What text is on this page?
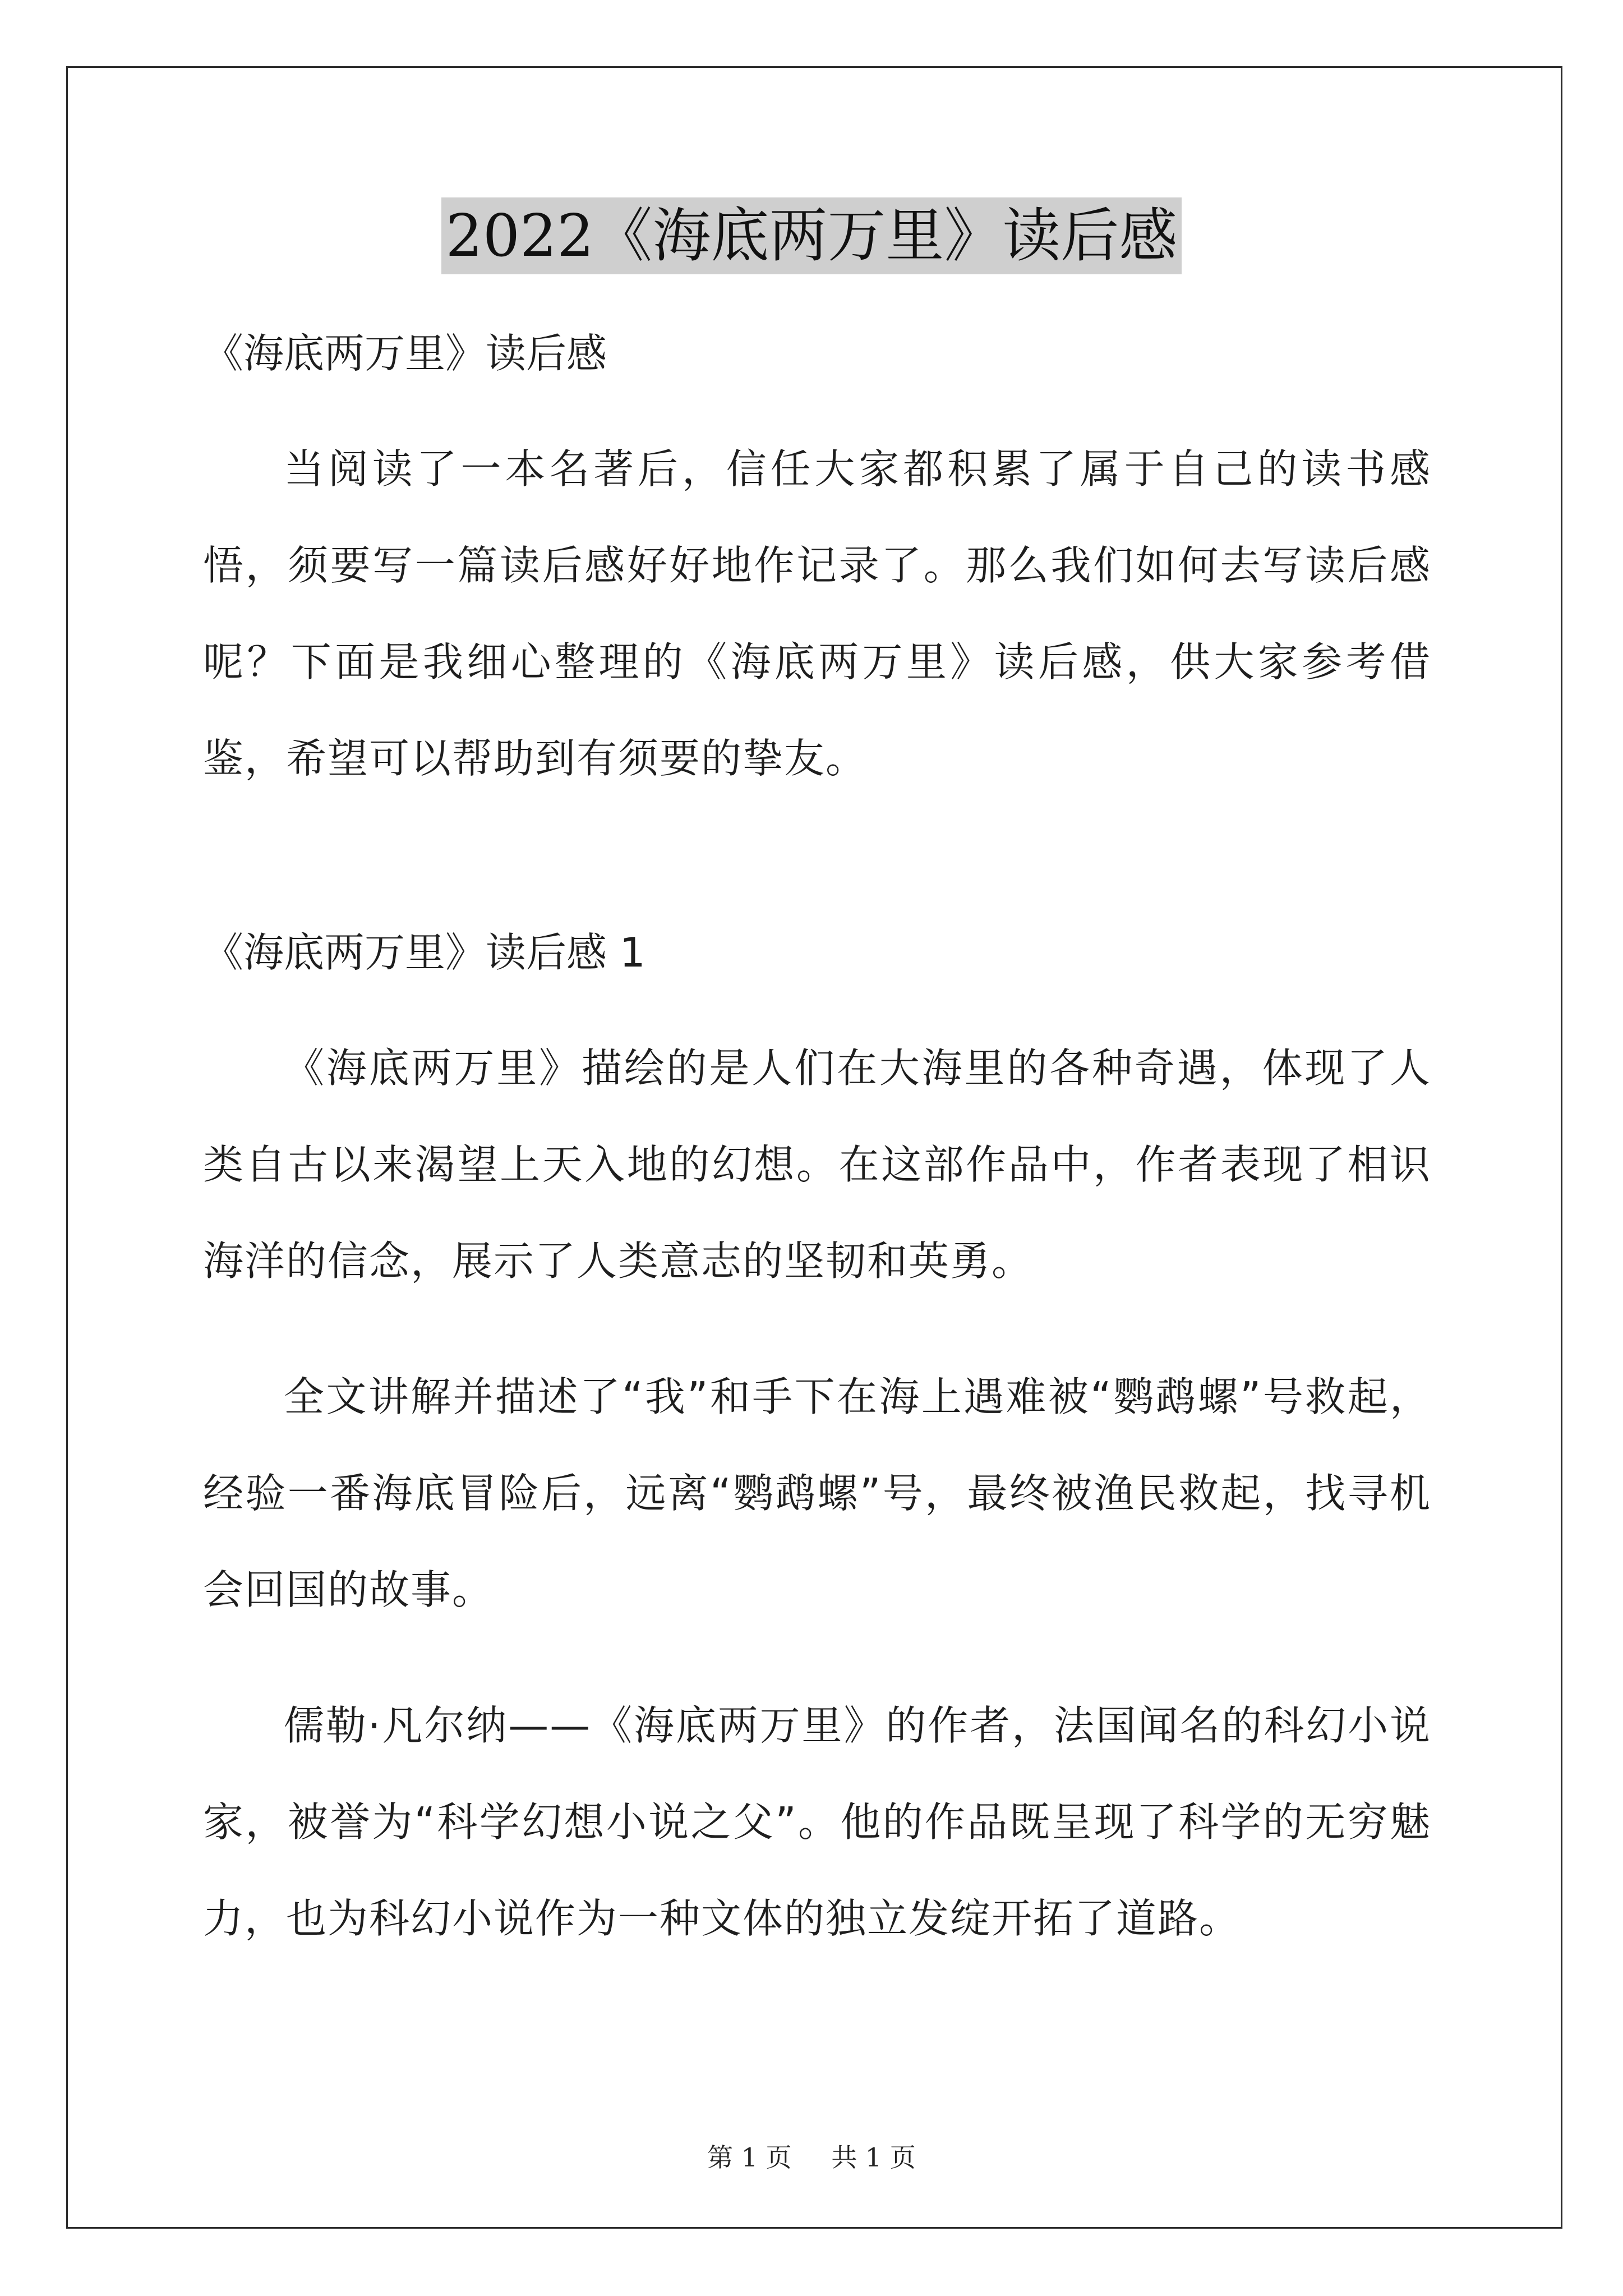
2022《海底两万里》读后感

《海底两万里》读后感

当阅读了一本名著后，信任大家都积累了属于自己的读书感悟，须要写一篇读后感好好地作记录了。那么我们如何去写读后感呢？下面是我细心整理的《海底两万里》读后感，供大家参考借鉴，希望可以帮助到有须要的挚友。

《海底两万里》读后感 1

《海底两万里》描绘的是人们在大海里的各种奇遇，体现了人类自古以来渴望上天入地的幻想。在这部作品中，作者表现了相识海洋的信念，展示了人类意志的坚韧和英勇。

全文讲解并描述了“我”和手下在海上遇难被“鹦鹉螺”号救起，经验一番海底冒险后，远离“鹦鹉螺”号，最终被渔民救起，找寻机会回国的故事。

儒勒·凡尔纳——《海底两万里》的作者，法国闻名的科幻小说家，被誉为“科学幻想小说之父”。他的作品既呈现了科学的无穷魅力，也为科幻小说作为一种文体的独立发绽开拓了道路。

第 1 页 共 1 页
